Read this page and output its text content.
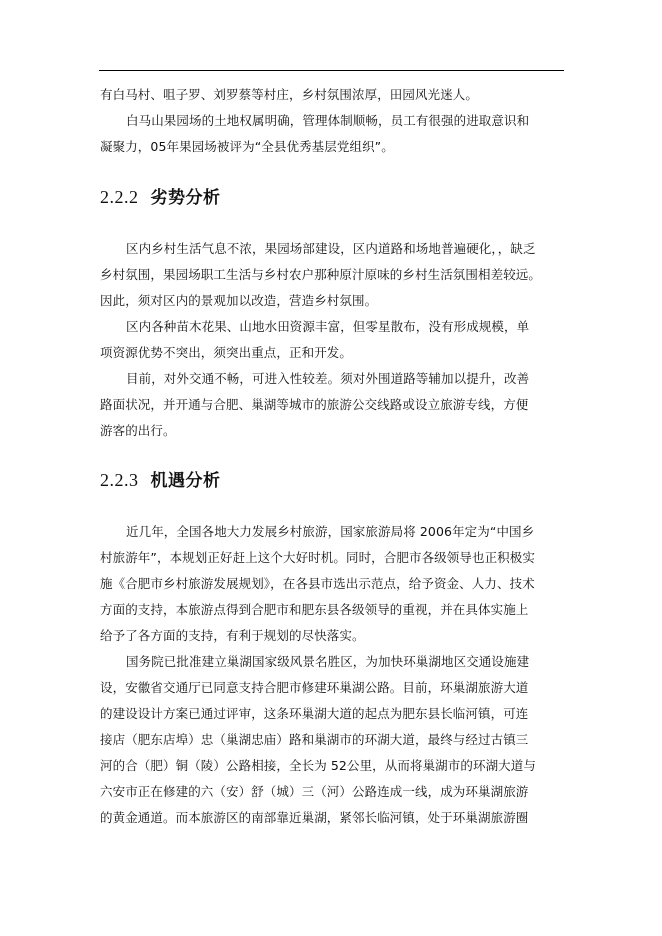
有白马村、咀子罗、刘罗蔡等村庄，乡村氛围浓厚，田园风光迷人。
白马山果园场的土地权属明确，管理体制顺畅，员工有很强的进取意识和
凝聚力，05年果园场被评为“全县优秀基层党组织”。
2.2.2 劣势分析
区内乡村生活气息不浓，果园场部建设，区内道路和场地普遍硬化，，缺乏
乡村氛围，果园场职工生活与乡村农户那种原汁原味的乡村生活氛围相差较远。
因此，须对区内的景观加以改造，营造乡村氛围。
区内各种苗木花果、山地水田资源丰富，但零星散布，没有形成规模，单
项资源优势不突出，须突出重点，正和开发。
目前，对外交通不畅，可进入性较差。须对外围道路等辅加以提升，改善
路面状况，并开通与合肥、巢湖等城市的旅游公交线路或设立旅游专线，方便
游客的出行。
2.2.3 机遇分析
近几年，全国各地大力发展乡村旅游，国家旅游局将 2006年定为“中国乡
村旅游年”，本规划正好赶上这个大好时机。同时，合肥市各级领导也正积极实
施《合肥市乡村旅游发展规划》，在各县市选出示范点，给予资金、人力、技术
方面的支持，本旅游点得到合肥市和肥东县各级领导的重视，并在具体实施上
给予了各方面的支持，有利于规划的尽快落实。
国务院已批准建立巢湖国家级风景名胜区，为加快环巢湖地区交通设施建
设，安徽省交通厅已同意支持合肥市修建环巢湖公路。目前，环巢湖旅游大道
的建设设计方案已通过评审，这条环巢湖大道的起点为肥东县长临河镇，可连
接店（肥东店埠）忠（巢湖忠庙）路和巢湖市的环湖大道，最终与经过古镇三
河的合（肥）铜（陵）公路相接，全长为 52公里，从而将巢湖市的环湖大道与
六安市正在修建的六（安）舒（城）三（河）公路连成一线，成为环巢湖旅游
的黄金通道。而本旅游区的南部靠近巢湖，紧邻长临河镇，处于环巢湖旅游圈
